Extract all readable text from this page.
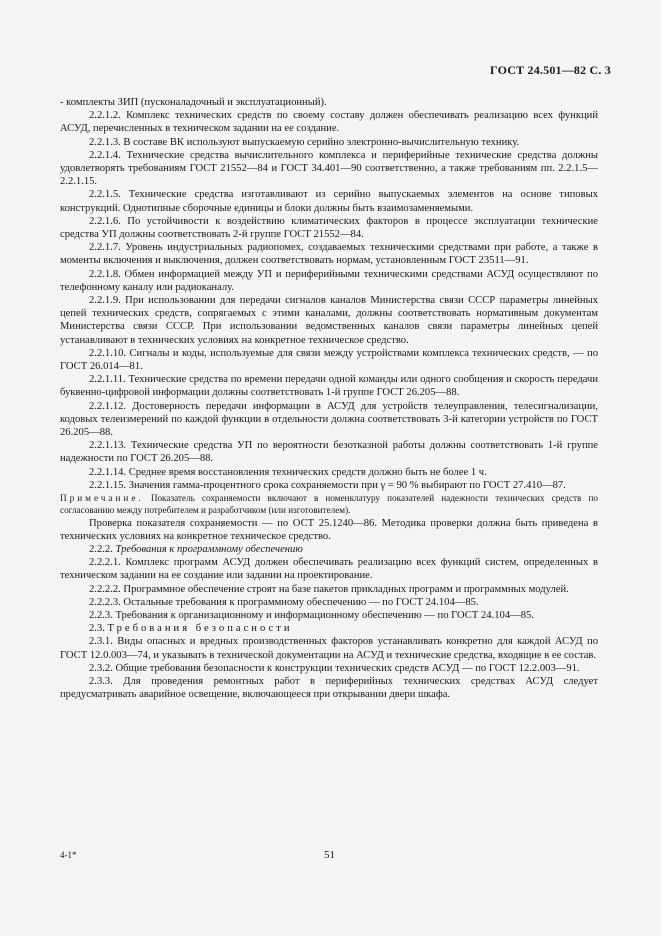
ГОСТ 24.501—82 С. 3

- комплекты ЗИП (пусконаладочный и эксплуатационный).

2.2.1.2. Комплекс технических средств по своему составу должен обеспечивать реализацию всех функций АСУД, перечисленных в техническом задании на ее создание.

2.2.1.3. В составе ВК используют выпускаемую серийно электронно-вычислительную технику.

2.2.1.4. Технические средства вычислительного комплекса и периферийные технические средства должны удовлетворять требованиям ГОСТ 21552—84 и ГОСТ 34.401—90 соответственно, а также требованиям пп. 2.2.1.5—2.2.1.15.

2.2.1.5. Технические средства изготавливают из серийно выпускаемых элементов на основе типовых конструкций. Однотипные сборочные единицы и блоки должны быть взаимозаменяемыми.

2.2.1.6. По устойчивости к воздействию климатических факторов в процессе эксплуатации технические средства УП должны соответствовать 2-й группе ГОСТ 21552—84.

2.2.1.7. Уровень индустриальных радиопомех, создаваемых техническими средствами при работе, а также в моменты включения и выключения, должен соответствовать нормам, установленным ГОСТ 23511—91.

2.2.1.8. Обмен информацией между УП и периферийными техническими средствами АСУД осуществляют по телефонному каналу или радиоканалу.

2.2.1.9. При использовании для передачи сигналов каналов Министерства связи СССР параметры линейных цепей технических средств, сопрягаемых с этими каналами, должны соответствовать нормативным документам Министерства связи СССР. При использовании ведомственных каналов связи параметры линейных цепей устанавливают в технических условиях на конкретное техническое средство.

2.2.1.10. Сигналы и коды, используемые для связи между устройствами комплекса технических средств, — по ГОСТ 26.014—81.

2.2.1.11. Технические средства по времени передачи одной команды или одного сообщения и скорость передачи буквенно-цифровой информации должны соответствовать 1-й группе ГОСТ 26.205—88.

2.2.1.12. Достоверность передачи информации в АСУД для устройств телеуправления, телесигнализации, кодовых телеизмерений по каждой функции в отдельности должна соответствовать 3-й категории устройств по ГОСТ 26.205—88.

2.2.1.13. Технические средства УП по вероятности безотказной работы должны соответствовать 1-й группе надежности по ГОСТ 26.205—88.

2.2.1.14. Среднее время восстановления технических средств должно быть не более 1 ч.

2.2.1.15. Значения гамма-процентного срока сохраняемости при γ = 90 % выбирают по ГОСТ 27.410—87.

Примечание. Показатель сохраняемости включают в номенклатуру показателей надежности технических средств по согласованию между потребителем и разработчиком (или изготовителем).

Проверка показателя сохраняемости — по ОСТ 25.1240—86. Методика проверки должна быть приведена в технических условиях на конкретное техническое средство.

2.2.2. Требования к программному обеспечению

2.2.2.1. Комплекс программ АСУД должен обеспечивать реализацию всех функций систем, определенных в техническом задании на ее создание или задании на проектирование.

2.2.2.2. Программное обеспечение строят на базе пакетов прикладных программ и программных модулей.

2.2.2.3. Остальные требования к программному обеспечению — по ГОСТ 24.104—85.

2.2.3. Требования к организационному и информационному обеспечению — по ГОСТ 24.104—85.

2.3. Требования безопасности

2.3.1. Виды опасных и вредных производственных факторов устанавливать конкретно для каждой АСУД по ГОСТ 12.0.003—74, и указывать в технической документации на АСУД и технические средства, входящие в ее состав.

2.3.2. Общие требования безопасности к конструкции технических средств АСУД — по ГОСТ 12.2.003—91.

2.3.3. Для проведения ремонтных работ в периферийных технических средствах АСУД следует предусматривать аварийное освещение, включающееся при открывании двери шкафа.

4-1*	51
